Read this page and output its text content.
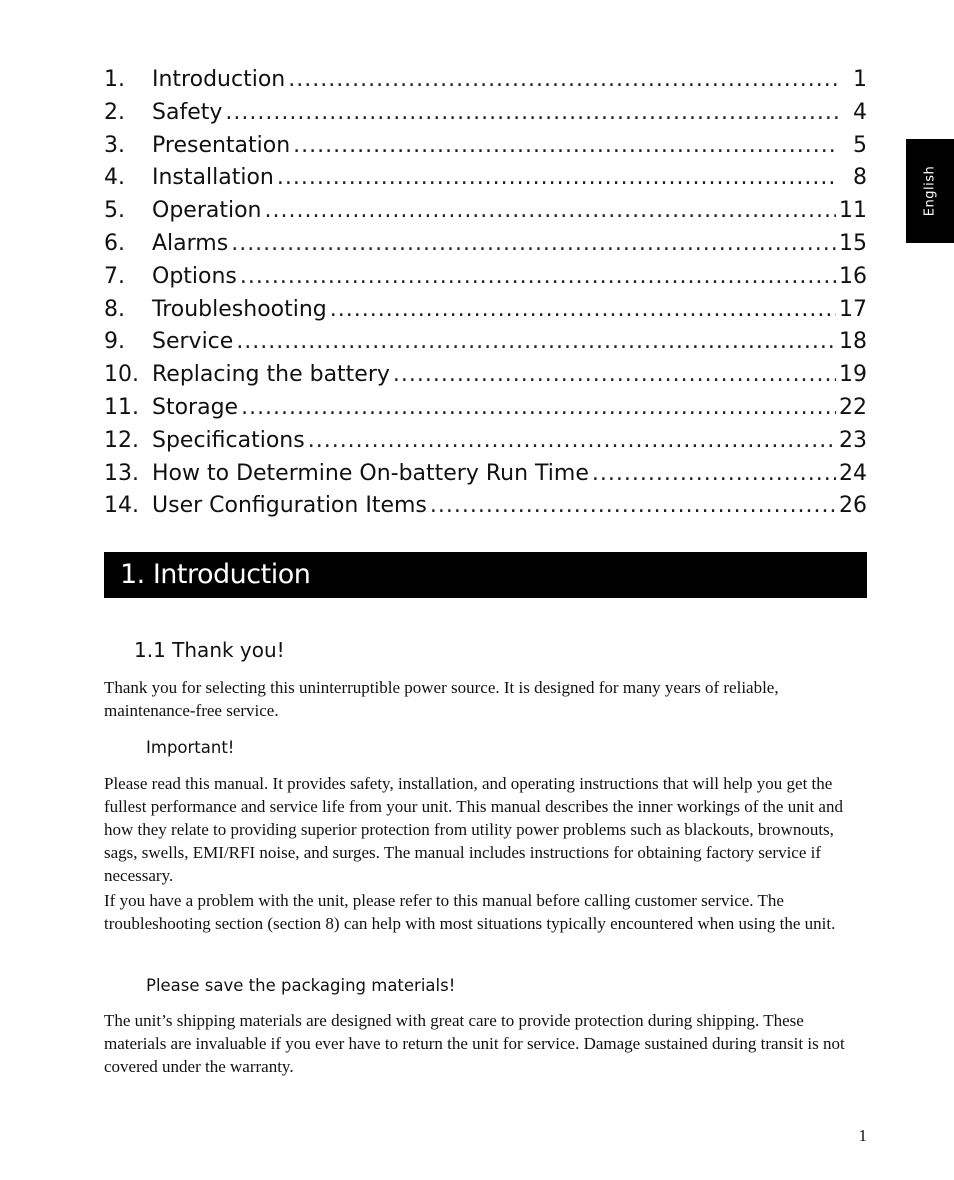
1.	Introduction .....	1
2.	Safety .....	4
3.	Presentation .....	5
4.	Installation .....	8
5.	Operation .....	11
6.	Alarms .....	15
7.	Options .....	16
8.	Troubleshooting .....	17
9.	Service .....	18
10. Replacing the battery .....	19
11. Storage .....	22
12. Specifications .....	23
13. How to Determine On-battery Run Time .....	24
14. User Configuration Items .....	26
English
1. Introduction
1.1 Thank you!

Thank you for selecting this uninterruptible power source. It is designed for many years of reliable, maintenance-free service.

Important!

Please read this manual. It provides safety, installation, and operating instructions that will help you get the fullest performance and service life from your unit. This manual describes the inner workings of the unit and how they relate to providing superior protection from utility power problems such as blackouts, brownouts, sags, swells, EMI/RFI noise, and surges. The manual includes instructions for obtaining factory service if necessary.

If you have a problem with the unit, please refer to this manual before calling customer service. The troubleshooting section (section 8) can help with most situations typically encountered when using the unit.

Please save the packaging materials!

The unit’s shipping materials are designed with great care to provide protection during shipping. These materials are invaluable if you ever have to return the unit for service. Damage sustained during transit is not covered under the warranty.

1
